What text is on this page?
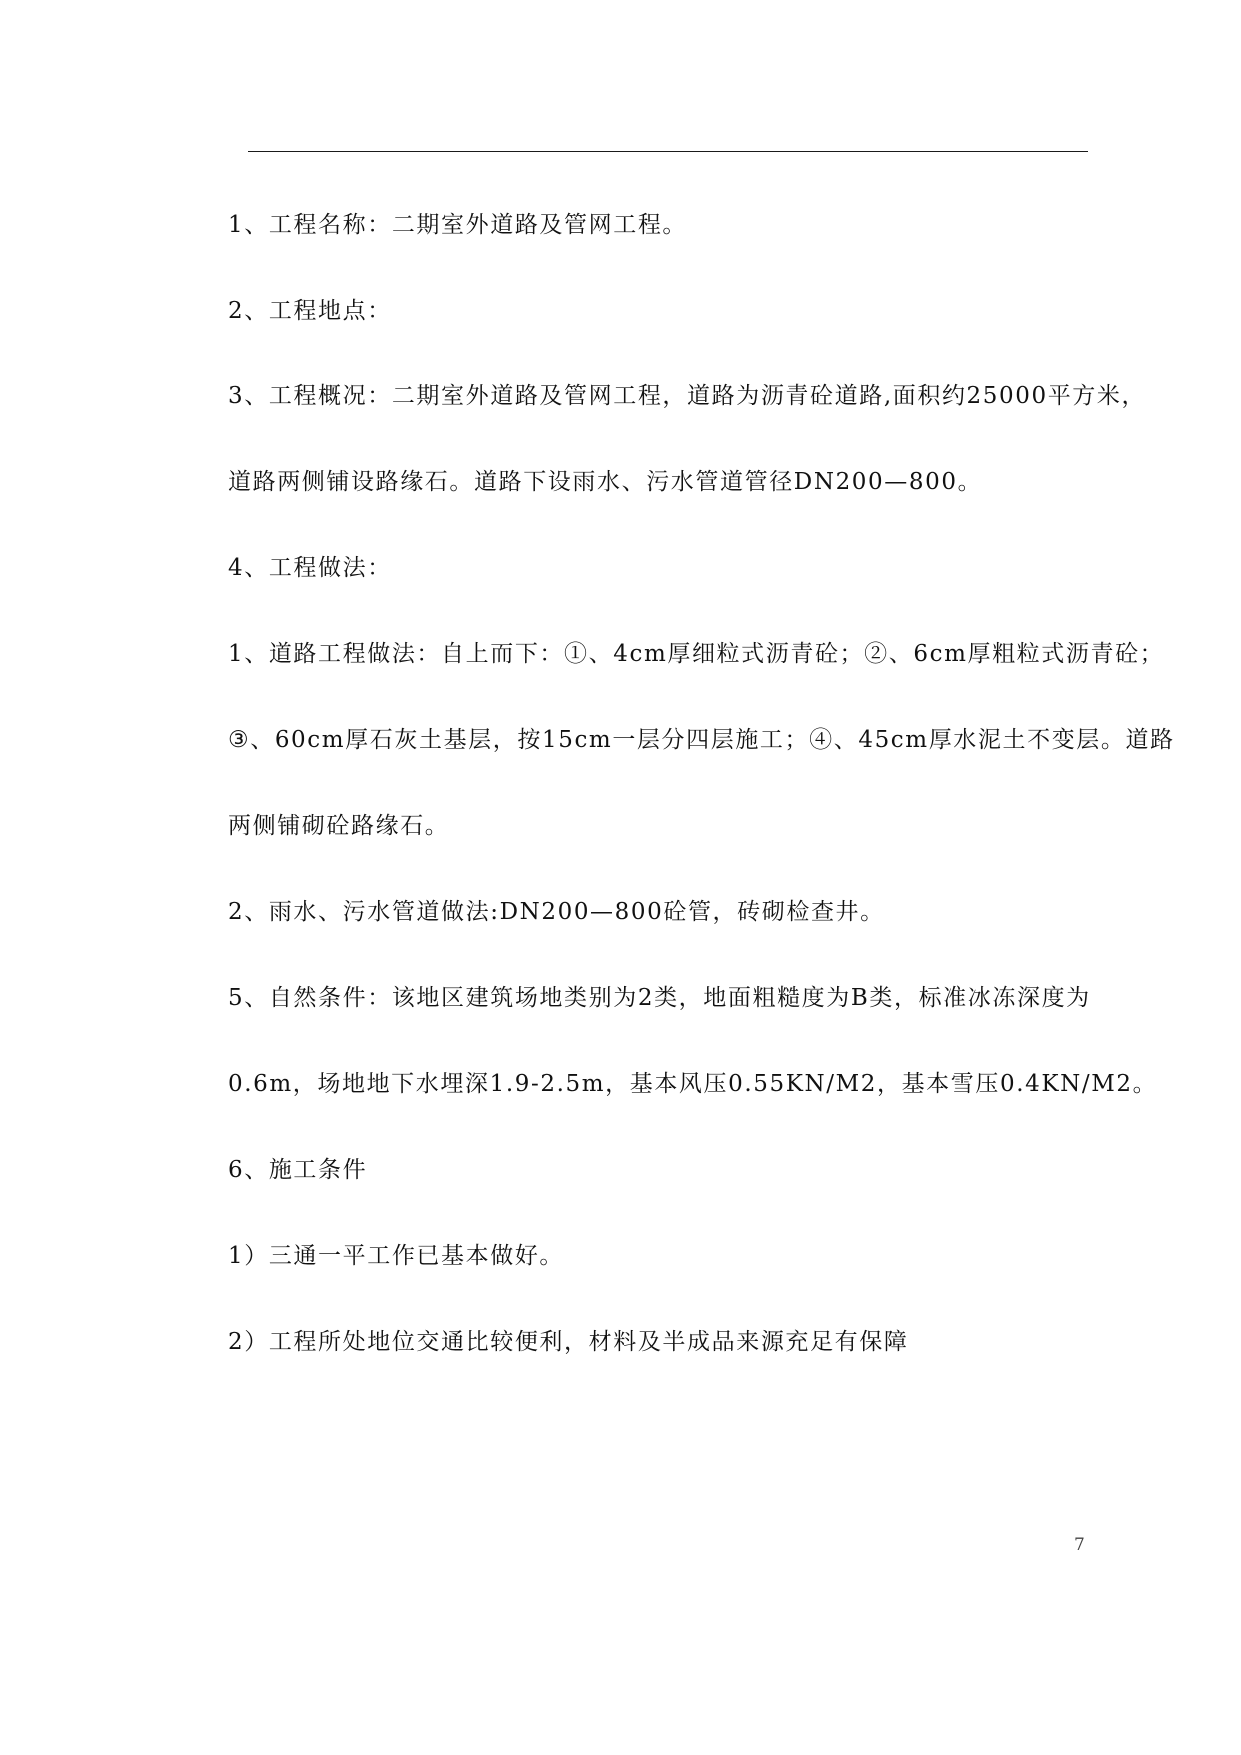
1、工程名称：二期室外道路及管网工程。
2、工程地点：
3、工程概况：二期室外道路及管网工程，道路为沥青砼道路,面积约25000平方米，
道路两侧铺设路缘石。道路下设雨水、污水管道管径DN200—800。
4、工程做法：
1、道路工程做法：自上而下：①、4cm厚细粒式沥青砼；②、6cm厚粗粒式沥青砼；
③、60cm厚石灰土基层，按15cm一层分四层施工；④、45cm厚水泥土不变层。道路
两侧铺砌砼路缘石。
2、雨水、污水管道做法:DN200—800砼管，砖砌检查井。
5、自然条件：该地区建筑场地类别为2类，地面粗糙度为B类，标准冰冻深度为
0.6m，场地地下水埋深1.9-2.5m，基本风压0.55KN/M2，基本雪压0.4KN/M2。
6、施工条件
1）三通一平工作已基本做好。
2）工程所处地位交通比较便利，材料及半成品来源充足有保障
7
